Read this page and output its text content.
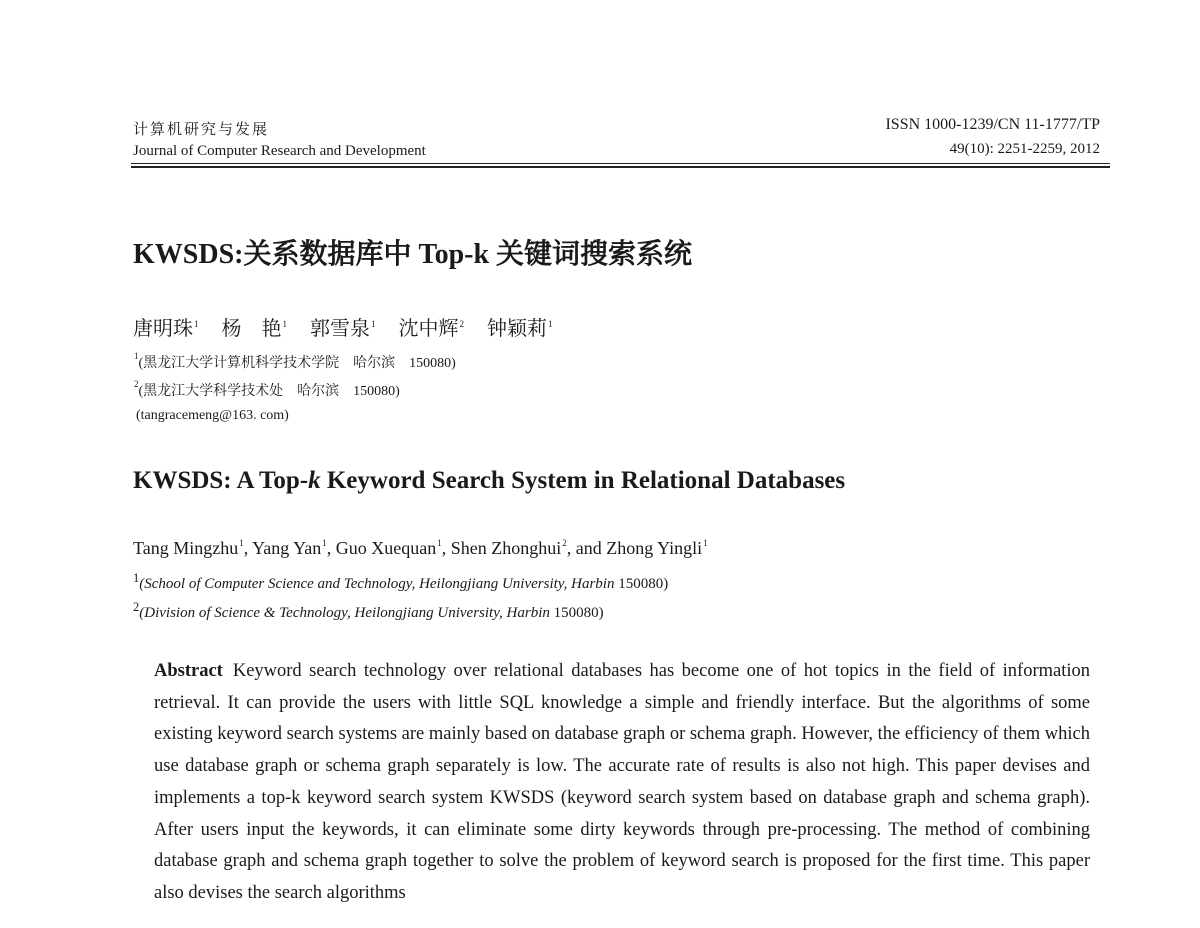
计算机研究与发展
Journal of Computer Research and Development
ISSN 1000-1239/CN 11-1777/TP
49(10): 2251-2259, 2012
KWSDS:关系数据库中 Top-k 关键词搜索系统
唐明珠$^1$ 杨　艳$^1$ 郭雪泉$^1$ 沈中辉$^2$ 钟颖莉$^1$
$^1$(黑龙江大学计算机科学技术学院　哈尔滨　150080)
$^2$(黑龙江大学科学技术处　哈尔滨　150080)
(tangracemeng@163. com)
KWSDS: A Top-k Keyword Search System in Relational Databases
Tang Mingzhu$^1$, Yang Yan$^1$, Guo Xuequan$^1$, Shen Zhonghui$^2$, and Zhong Yingli$^1$
$^1$(School of Computer Science and Technology, Heilongjiang University, Harbin 150080)
$^2$(Division of Science & Technology, Heilongjiang University, Harbin 150080)
Abstract Keyword search technology over relational databases has become one of hot topics in the field of information retrieval. It can provide the users with little SQL knowledge a simple and friendly interface. But the algorithms of some existing keyword search systems are mainly based on database graph or schema graph. However, the efficiency of them which use database graph or schema graph separately is low. The accurate rate of results is also not high. This paper devises and implements a top-k keyword search system KWSDS (keyword search system based on database graph and schema graph). After users input the keywords, it can eliminate some dirty keywords through pre-processing. The method of combining database graph and schema graph together to solve the problem of keyword search is proposed for the first time. This paper also devises the search algorithms
